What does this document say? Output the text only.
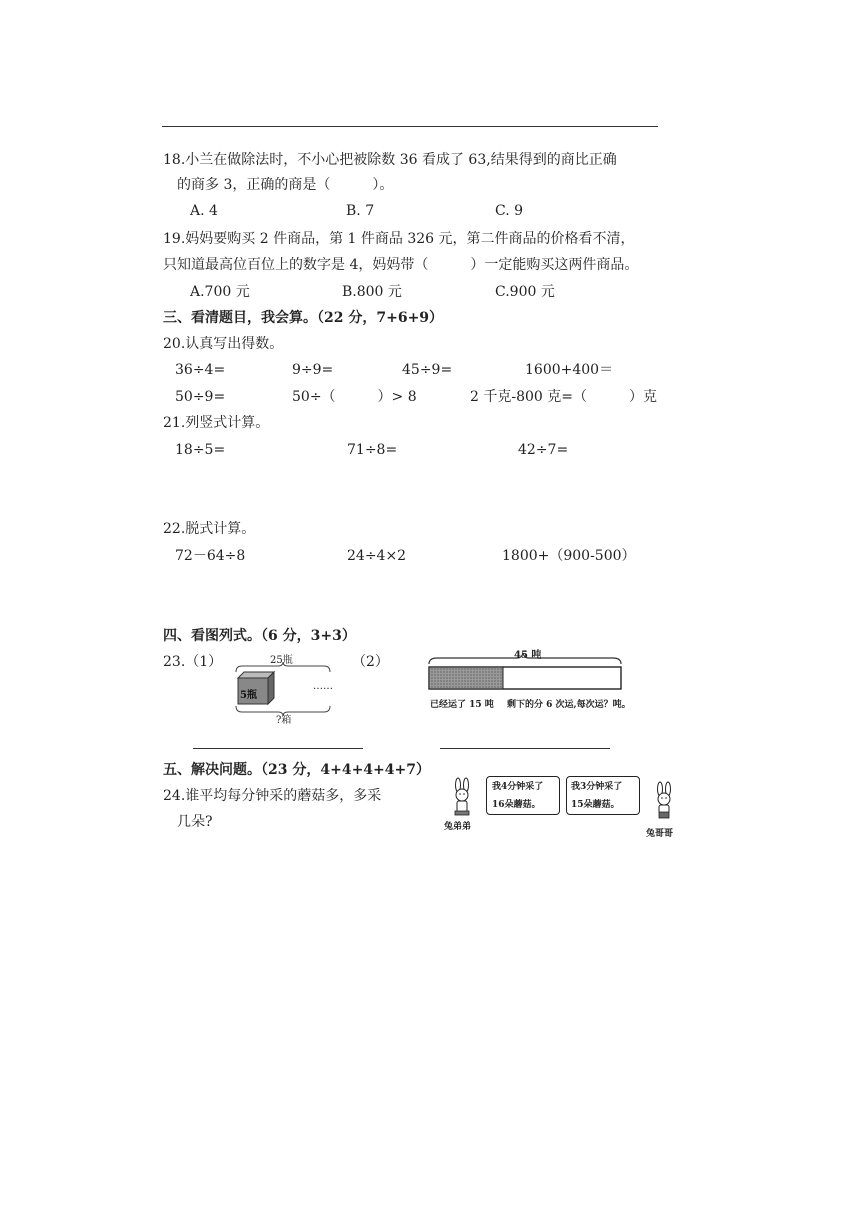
18.小兰在做除法时，不小心把被除数 36 看成了 63,结果得到的商比正确
的商多 3，正确的商是（　　　）。
A. 4	B. 7	C. 9
19.妈妈要购买 2 件商品，第 1 件商品 326 元，第二件商品的价格看不清，
只知道最高位百位上的数字是 4，妈妈带（　　　）一定能购买这两件商品。
A.700 元	B.800 元	C.900 元
三、看清题目，我会算。（22 分，7+6+9）
20.认真写出得数。
36÷4=	9÷9=	45÷9=	1600+400＝
50÷9=	50÷（　　　）> 8	2 千克-800 克=（　　　）克
21.列竖式计算。
18÷5=	71÷8=	42÷7=
22.脱式计算。
72－64÷8	24÷4×2	1800+（900-500）
四、看图列式。（6 分，3+3）
23.（1）	（2）
25瓶
5瓶
……
?箱
45 吨
已经运了 15 吨 剩下的分 6 次运,每次运？吨。
五、解决问题。（23 分，4+4+4+4+7）
24.谁平均每分钟采的蘑菇多，多采
几朵?	兔弟弟
我4分钟采了
16朵蘑菇。
我3分钟采了
15朵蘑菇。
兔哥哥
